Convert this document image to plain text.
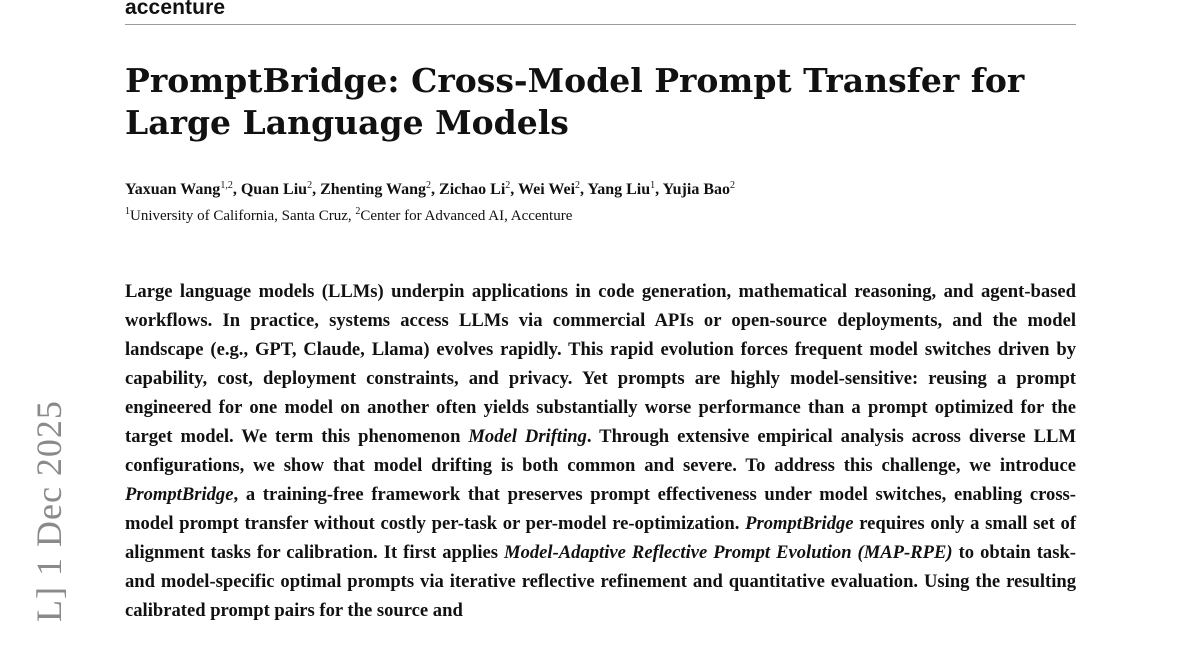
accenture
L] 1 Dec 2025
PromptBridge: Cross-Model Prompt Transfer for Large Language Models
Yaxuan Wang$^{1,2}$, Quan Liu$^2$, Zhenting Wang$^2$, Zichao Li$^2$, Wei Wei$^2$, Yang Liu$^1$, Yujia Bao$^2$
$^1$University of California, Santa Cruz, $^2$Center for Advanced AI, Accenture

Large language models (LLMs) underpin applications in code generation, mathematical reasoning, and agent-based workflows. In practice, systems access LLMs via commercial APIs or open-source deployments, and the model landscape (e.g., GPT, Claude, Llama) evolves rapidly. This rapid evolution forces frequent model switches driven by capability, cost, deployment constraints, and privacy. Yet prompts are highly model-sensitive: reusing a prompt engineered for one model on another often yields substantially worse performance than a prompt optimized for the target model. We term this phenomenon Model Drifting. Through extensive empirical analysis across diverse LLM configurations, we show that model drifting is both common and severe. To address this challenge, we introduce PromptBridge, a training-free framework that preserves prompt effectiveness under model switches, enabling cross-model prompt transfer without costly per-task or per-model re-optimization. PromptBridge requires only a small set of alignment tasks for calibration. It first applies Model-Adaptive Reflective Prompt Evolution (MAP-RPE) to obtain task- and model-specific optimal prompts via iterative reflective refinement and quantitative evaluation. Using the resulting calibrated prompt pairs for the source and
